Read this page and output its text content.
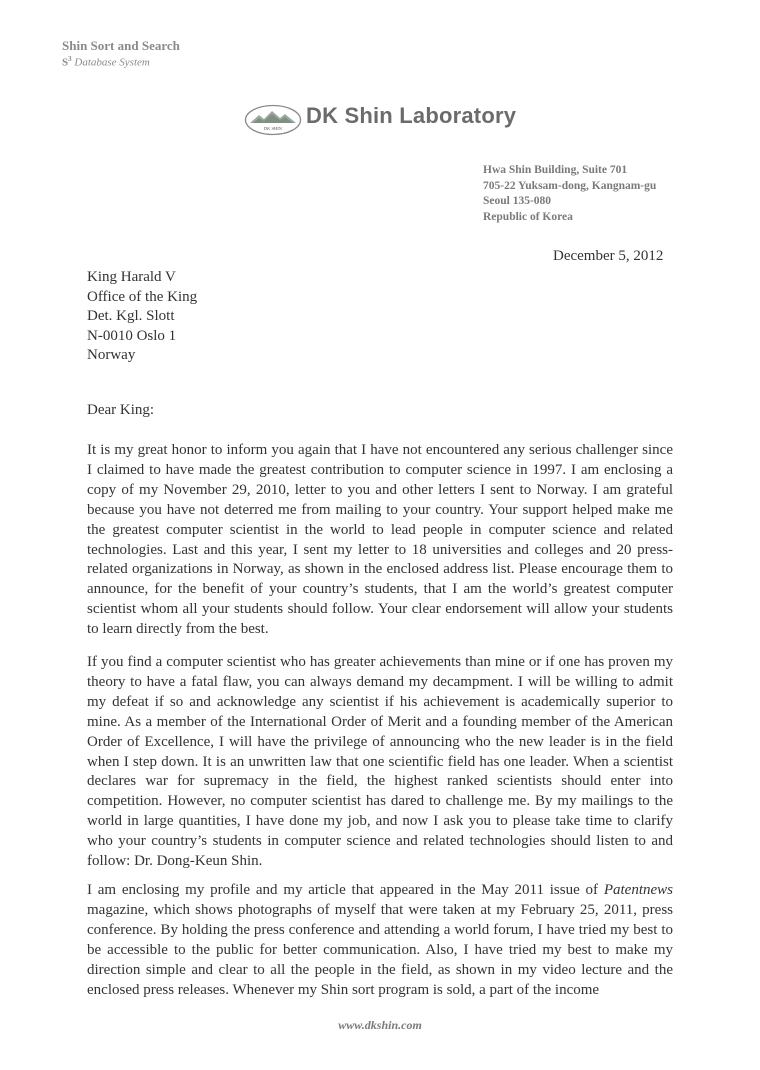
Shin Sort and Search
$S^3$ Database System
DK SHIN
DK Shin Laboratory
Hwa Shin Building, Suite 701
705-22 Yuksam-dong, Kangnam-gu
Seoul 135-080
Republic of Korea
December 5, 2012
King Harald V
Office of the King
Det. Kgl. Slott
N-0010 Oslo 1
Norway
Dear King:
It is my great honor to inform you again that I have not encountered any serious challenger since I claimed to have made the greatest contribution to computer science in 1997. I am enclosing a copy of my November 29, 2010, letter to you and other letters I sent to Norway. I am grateful because you have not deterred me from mailing to your country. Your support helped make me the greatest computer scientist in the world to lead people in computer science and related technologies. Last and this year, I sent my letter to 18 universities and colleges and 20 press-related organizations in Norway, as shown in the enclosed address list. Please encourage them to announce, for the benefit of your country’s students, that I am the world’s greatest computer scientist whom all your students should follow. Your clear endorsement will allow your students to learn directly from the best.
If you find a computer scientist who has greater achievements than mine or if one has proven my theory to have a fatal flaw, you can always demand my decampment. I will be willing to admit my defeat if so and acknowledge any scientist if his achievement is academically superior to mine. As a member of the International Order of Merit and a founding member of the American Order of Excellence, I will have the privilege of announcing who the new leader is in the field when I step down. It is an unwritten law that one scientific field has one leader. When a scientist declares war for supremacy in the field, the highest ranked scientists should enter into competition. However, no computer scientist has dared to challenge me. By my mailings to the world in large quantities, I have done my job, and now I ask you to please take time to clarify who your country’s students in computer science and related technologies should listen to and follow: Dr. Dong-Keun Shin.
I am enclosing my profile and my article that appeared in the May 2011 issue of Patentnews magazine, which shows photographs of myself that were taken at my February 25, 2011, press conference. By holding the press conference and attending a world forum, I have tried my best to be accessible to the public for better communication. Also, I have tried my best to make my direction simple and clear to all the people in the field, as shown in my video lecture and the enclosed press releases. Whenever my Shin sort program is sold, a part of the income
www.dkshin.com
